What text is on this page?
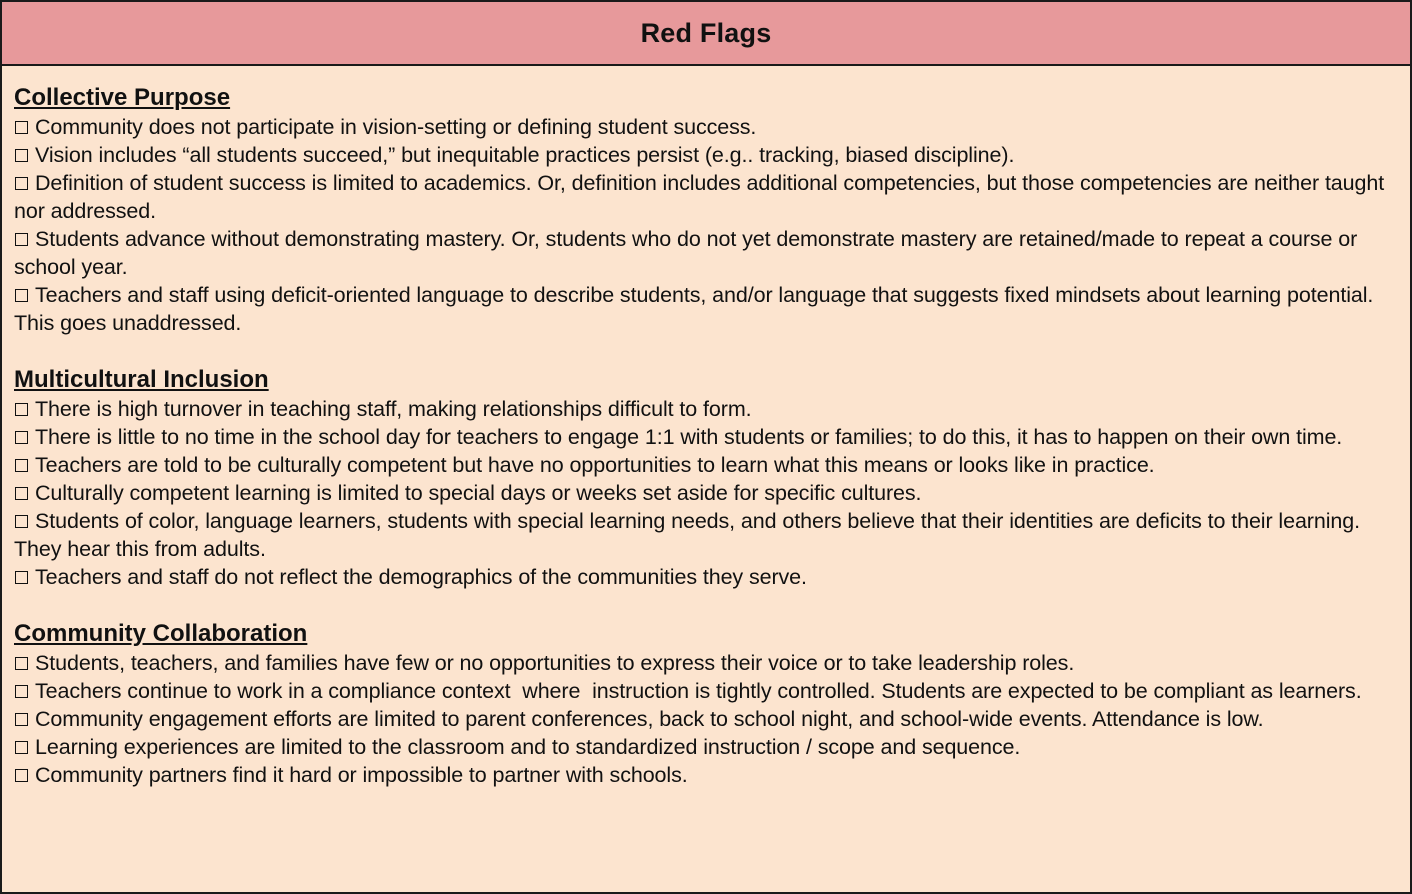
Red Flags
Collective Purpose
Community does not participate in vision-setting or defining student success.
Vision includes “all students succeed,” but inequitable practices persist (e.g.. tracking, biased discipline).
Definition of student success is limited to academics. Or, definition includes additional competencies, but those competencies are neither taught nor addressed.
Students advance without demonstrating mastery. Or, students who do not yet demonstrate mastery are retained/made to repeat a course or school year.
Teachers and staff using deficit-oriented language to describe students, and/or language that suggests fixed mindsets about learning potential. This goes unaddressed.
Multicultural Inclusion
There is high turnover in teaching staff, making relationships difficult to form.
There is little to no time in the school day for teachers to engage 1:1 with students or families; to do this, it has to happen on their own time.
Teachers are told to be culturally competent but have no opportunities to learn what this means or looks like in practice.
Culturally competent learning is limited to special days or weeks set aside for specific cultures.
Students of color, language learners, students with special learning needs, and others believe that their identities are deficits to their learning. They hear this from adults.
Teachers and staff do not reflect the demographics of the communities they serve.
Community Collaboration
Students, teachers, and families have few or no opportunities to express their voice or to take leadership roles.
Teachers continue to work in a compliance context  where  instruction is tightly controlled. Students are expected to be compliant as learners.
Community engagement efforts are limited to parent conferences, back to school night, and school-wide events. Attendance is low.
Learning experiences are limited to the classroom and to standardized instruction / scope and sequence.
Community partners find it hard or impossible to partner with schools.
